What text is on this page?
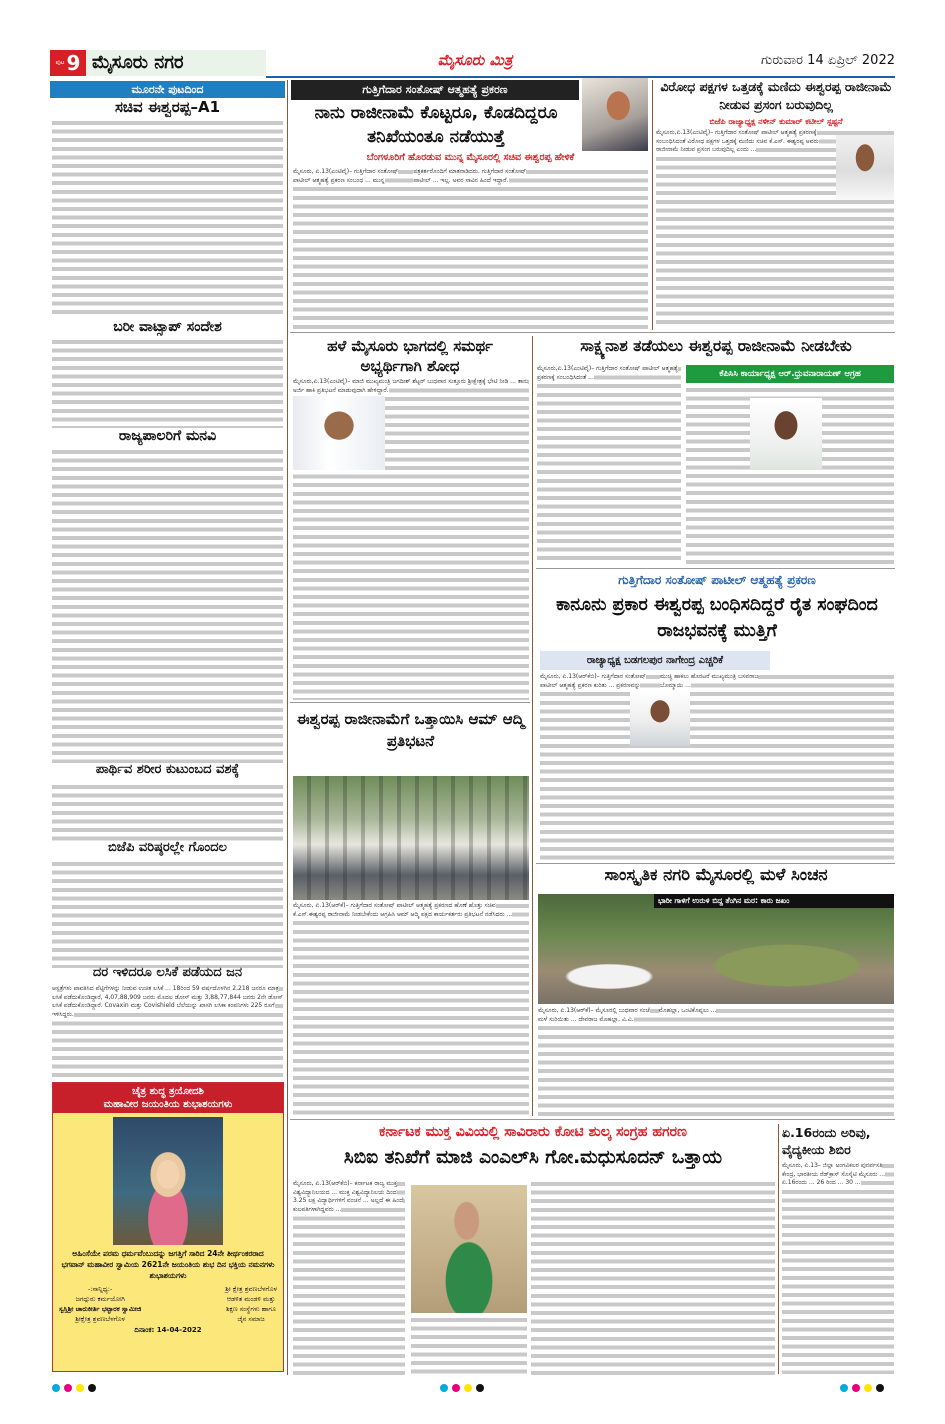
ಪುಟ 9 ಮೈಸೂರು ನಗರ	ಮೈಸೂರು ಮಿತ್ರ	ಗುರುವಾರ 14 ಏಪ್ರಿಲ್ 2022
ಮೂರನೇ ಪುಟದಿಂದ
ಸಚಿವ ಈಶ್ವರಪ್ಪ–A1
ಬರೀ ವಾಟ್ಸಾಪ್ ಸಂದೇಶ
ರಾಜ್ಯಪಾಲರಿಗೆ ಮನವಿ
ಪಾರ್ಥಿವ ಶರೀರ ಕುಟುಂಬದ ವಶಕ್ಕೆ
ಬಿಜೆಪಿ ವರಿಷ್ಠರಲ್ಲೇ ಗೊಂದಲ
ದರ ಇಳಿದರೂ ಲಸಿಕೆ ಪಡೆಯದ ಜನ
ಆಸ್ಪತ್ರೆಗಳು ಪಾವತಿಸಿದ ಪೆಟ್ಟಿಗೆಗಳನ್ನು ನೀಡುವ ಉಚಿತ ಲಸಿಕೆ ... 18ರಿಂದ 59 ವರ್ಷದೊಳಗಿನ 2,218 ಜನರೂ ಮಾತ್ರ ಲಸಿಕೆ ಪಡೆದುಕೊಂಡಿದ್ದಾರೆ, 4,07,88,909 ಜನರು ಮೊದಲ ಡೋಸ್ ಮತ್ತು 3,88,77,844 ಜನರು 2ನೇ ಡೋಸ್ ಲಸಿಕೆ ಪಡೆದುಕೊಂಡಿದ್ದಾರೆ. Covaxin ಮತ್ತು Covishield ಬೆಲೆಯನ್ನು ಖಾಸಗಿ ಲಸಿಕಾ ಕಂಪನಿಗಳು 225 ರೂಗೆ ಇಳಿಸಿದ್ದರು.
ಚೈತ್ರ ಶುದ್ಧ ತ್ರಯೋದಶಿ
ಮಹಾವೀರ ಜಯಂತಿಯ ಶುಭಾಶಯಗಳು
ಅಹಿಂಸೆಯೇ ಪರಮ ಧರ್ಮವೆಂಬುದನ್ನು ಜಗತ್ತಿಗೆ ಸಾರಿದ 24ನೇ ತೀರ್ಥಂಕರರಾದ ಭಗವಾನ್ ಮಹಾವೀರ ಸ್ವಾಮಿಯ 2621ನೇ ಜಯಂತಿಯ ಶುಭ ದಿನ ಭಕ್ತಿಯ ನಮನಗಳು ಶುಭಾಶಯಗಳು
-:ಸಾನ್ನಿಧ್ಯ:-
ಜಗದ್ಗುರು ಕರ್ಮಯೋಗಿ
ಸ್ವಸ್ತಿಶ್ರೀ ಚಾರುಕೀರ್ತಿ ಭಟ್ಟಾರಕ ಸ್ವಾಮೀಜಿ
ಶ್ರೀಕ್ಷೇತ್ರ ಶ್ರವಣಬೆಳಗೊಳ
ಶ್ರೀ ಕ್ಷೇತ್ರ ಶ್ರವಣಬೆಳಗೊಳ
ಆಡಳಿತ ಮಂಡಳಿ ಮತ್ತು
ಶಿಕ್ಷಣ ಸಂಸ್ಥೆಗಳು ಹಾಗೂ
ಜೈನ ಸಮಾಜ
ದಿನಾಂಕ: 14-04-2022
ಗುತ್ತಿಗೆದಾರ ಸಂತೋಷ್ ಆತ್ಮಹತ್ಯೆ ಪ್ರಕರಣ
ನಾನು ರಾಜೀನಾಮೆ ಕೊಟ್ಟರೂ, ಕೊಡದಿದ್ದರೂ ತನಿಖೆಯಂತೂ ನಡೆಯುತ್ತೆ
ಬೆಂಗಳೂರಿಗೆ ಹೊರಡುವ ಮುನ್ನ ಮೈಸೂರಲ್ಲಿ ಸಚಿವ ಈಶ್ವರಪ್ಪ ಹೇಳಿಕೆ
ಮೈಸೂರು, ಏ.13(ಎಂಟಿವೈ)– ಗುತ್ತಿಗೆದಾರ ಸಂತೋಷ್ ಪಾಟೀಲ್ ಆತ್ಮಹತ್ಯೆ ಪ್ರಕರಣ ಸಂಬಂಧ ... ಮುನ್ನ ಪತ್ರಕರ್ತರೊಂದಿಗೆ ಮಾತನಾಡಿದರು. ಗುತ್ತಿಗೆದಾರ ಸಂತೋಷ್ ಪಾಟೀಲ್ ... ಇಲ್ಲ. ಅವರ ಸಾವಿನ ಹಿಂದೆ ಇದ್ದಾರೆ.
ವಿರೋಧ ಪಕ್ಷಗಳ ಒತ್ತಡಕ್ಕೆ ಮಣಿದು ಈಶ್ವರಪ್ಪ ರಾಜೀನಾಮೆ ನೀಡುವ ಪ್ರಸಂಗ ಬರುವುದಿಲ್ಲ
ಬಿಜೆಪಿ ರಾಜ್ಯಾಧ್ಯಕ್ಷ ನಳೀನ್ ಕುಮಾರ್ ಕಟೀಲ್ ಸ್ಪಷ್ಟನೆ
ಮೈಸೂರು,ಏ.13(ಎಂಟಿವೈ)– ಗುತ್ತಿಗೆದಾರ ಸಂತೋಷ್ ಪಾಟೀಲ್ ಆತ್ಮಹತ್ಯೆ ಪ್ರಕರಣಕ್ಕೆ ಸಂಬಂಧಿಸಿದಂತೆ ವಿರೋಧ ಪಕ್ಷಗಳ ಒತ್ತಡಕ್ಕೆ ಮಣಿದು ಸಚಿವ ಕೆ.ಎಸ್. ಈಶ್ವರಪ್ಪ ಅವರು ರಾಜೀನಾಮೆ ನೀಡುವ ಪ್ರಸಂಗ ಬರುವುದಿಲ್ಲ ಎಂದು ...
ಹಳೆ ಮೈಸೂರು ಭಾಗದಲ್ಲಿ ಸಮರ್ಥ ಅಭ್ಯರ್ಥಿಗಾಗಿ ಶೋಧ
ಮೈಸೂರು,ಏ.13(ಎಂಟಿವೈ)– ಮಾಜಿ ಮುಖ್ಯಮಂತ್ರಿ ಜಗದೀಶ್ ಶೆಟ್ಟರ್ ಬುಧವಾರ ಸುತ್ತೂರು ಶ್ರೀಕ್ಷೇತ್ರಕ್ಕೆ ಭೇಟಿ ನೀಡಿ ... ತಾನು ಅರ್ಜಿ ಹಾಕಿ ಪ್ರತಿಭಟನೆ ಮಾಡುವುದಾಗಿ ಹೇಳಿದ್ದಾರೆ.
ಸಾಕ್ಷ್ಯನಾಶ ತಡೆಯಲು ಈಶ್ವರಪ್ಪ ರಾಜೀನಾಮೆ ನೀಡಬೇಕು
ಕೆಪಿಸಿಸಿ ಕಾರ್ಯಾಧ್ಯಕ್ಷ ಆರ್.ಧ್ರುವನಾರಾಯಣ್ ಆಗ್ರಹ
ಮೈಸೂರು,ಏ.13(ಎಂಟಿವೈ)– ಗುತ್ತಿಗೆದಾರ ಸಂತೋಷ್ ಪಾಟೀಲ್ ಆತ್ಮಹತ್ಯೆ ಪ್ರಕರಣಕ್ಕೆ ಸಂಬಂಧಿಸಿದಂತೆ ...
ಗುತ್ತಿಗೆದಾರ ಸಂತೋಷ್ ಪಾಟೀಲ್ ಆತ್ಮಹತ್ಯೆ ಪ್ರಕರಣ
ಕಾನೂನು ಪ್ರಕಾರ ಈಶ್ವರಪ್ಪ ಬಂಧಿಸದಿದ್ದರೆ ರೈತ ಸಂಘದಿಂದ ರಾಜಭವನಕ್ಕೆ ಮುತ್ತಿಗೆ
ರಾಜ್ಯಾಧ್ಯಕ್ಷ ಬಡಗಲಪುರ ನಾಗೇಂದ್ರ ಎಚ್ಚರಿಕೆ
ಮೈಸೂರು, ಏ.13(ಆರ್‌ಕೆಬಿ)– ಗುತ್ತಿಗೆದಾರ ಸಂತೋಷ್ ಪಾಟೀಲ್ ಆತ್ಮಹತ್ಯೆ ಪ್ರಕರಣ ಕುರಿತು ... ಪ್ರಕರಣವನ್ನು ಮುಚ್ಚಿ ಹಾಕಲು ಹೊರಟರೆ ಮುಖ್ಯಮಂತ್ರಿ ಬಸವರಾಜ ಬೊಮ್ಮಾಯಿ ...
ಈಶ್ವರಪ್ಪ ರಾಜೀನಾಮೆಗೆ ಒತ್ತಾಯಿಸಿ ಆಮ್ ಆದ್ಮಿ ಪ್ರತಿಭಟನೆ
ಮೈಸೂರು, ಏ.13(ಆರ್‌ಕೆ)– ಗುತ್ತಿಗೆದಾರ ಸಂತೋಷ್ ಪಾಟೀಲ್ ಆತ್ಮಹತ್ಯೆ ಪ್ರಕರಣದ ಹೊಣೆ ಹೊತ್ತು ಸಚಿವ ಕೆ.ಎಸ್.ಈಶ್ವರಪ್ಪ ರಾಜೀನಾಮೆ ನೀಡಬೇಕೆಂದು ಆಗ್ರಹಿಸಿ ಆಮ್ ಆದ್ಮಿ ಪಕ್ಷದ ಕಾರ್ಯಕರ್ತರು ಪ್ರತಿಭಟನೆ ನಡೆಸಿದರು ...
ಸಾಂಸ್ಕೃತಿಕ ನಗರಿ ಮೈಸೂರಲ್ಲಿ ಮಳೆ ಸಿಂಚನ
ಭಾರೀ ಗಾಳಿಗೆ ಉರುಳಿ ಬಿದ್ದ ತೆಂಗಿನ ಮರ: ಕಾರು ಜಖಂ
ಮೈಸೂರು, ಏ.13(ಆರ್‌ಕೆ)– ಮೈಸೂರಲ್ಲಿ ಬುಧವಾರ ಸಂಜೆ ಮಳೆ ಸುರಿಯಿತು ... ದೇವರಾಜ ಮೊಹಲ್ಲಾ, ವಿ.ವಿ. ಮೊಹಲ್ಲಾ, ಒಂಟಿಕೊಪ್ಪಲು ...
ಕರ್ನಾಟಕ ಮುಕ್ತ ವಿವಿಯಲ್ಲಿ ಸಾವಿರಾರು ಕೋಟಿ ಶುಲ್ಕ ಸಂಗ್ರಹ ಹಗರಣ
ಸಿಬಿಐ ತನಿಖೆಗೆ ಮಾಜಿ ಎಂಎಲ್‌ಸಿ ಗೋ.ಮಧುಸೂದನ್ ಒತ್ತಾಯ
ಮೈಸೂರು, ಏ.13(ಆರ್‌ಕೆಬಿ)– ಕರ್ನಾಟಕ ರಾಜ್ಯ ಮುಕ್ತ ವಿಶ್ವವಿದ್ಯಾನಿಲಯದ ... ಮುಕ್ತ ವಿಶ್ವವಿದ್ಯಾನಿಲಯ ದಿಂದ 3.25 ಲಕ್ಷ ವಿದ್ಯಾರ್ಥಿಗಳಿಗೆ ವಂಚನೆ ... ಅಲ್ಲದೆ ಈ ಹಿಂದೆ ಕುಲಪತಿಗಳಾಗಿದ್ದವರು ...
ಏ.16ರಂದು ಅರಿವು, ವೈದ್ಯಕೀಯ ಶಿಬಿರ
ಮೈಸೂರು, ಏ.13– ಜಿಲ್ಲಾ ಅಂಗವಿಕಲರ ಪುನರ್ವಸತಿ ಕೇಂದ್ರ, ಭಾರತೀಯ ರೆಡ್‌ಕ್ರಾಸ್ ಸೊಸೈಟಿ ಮೈಸೂರು ... ಏ.16ರಂದು ... 26 ರಿಂದ ... 30 ...
